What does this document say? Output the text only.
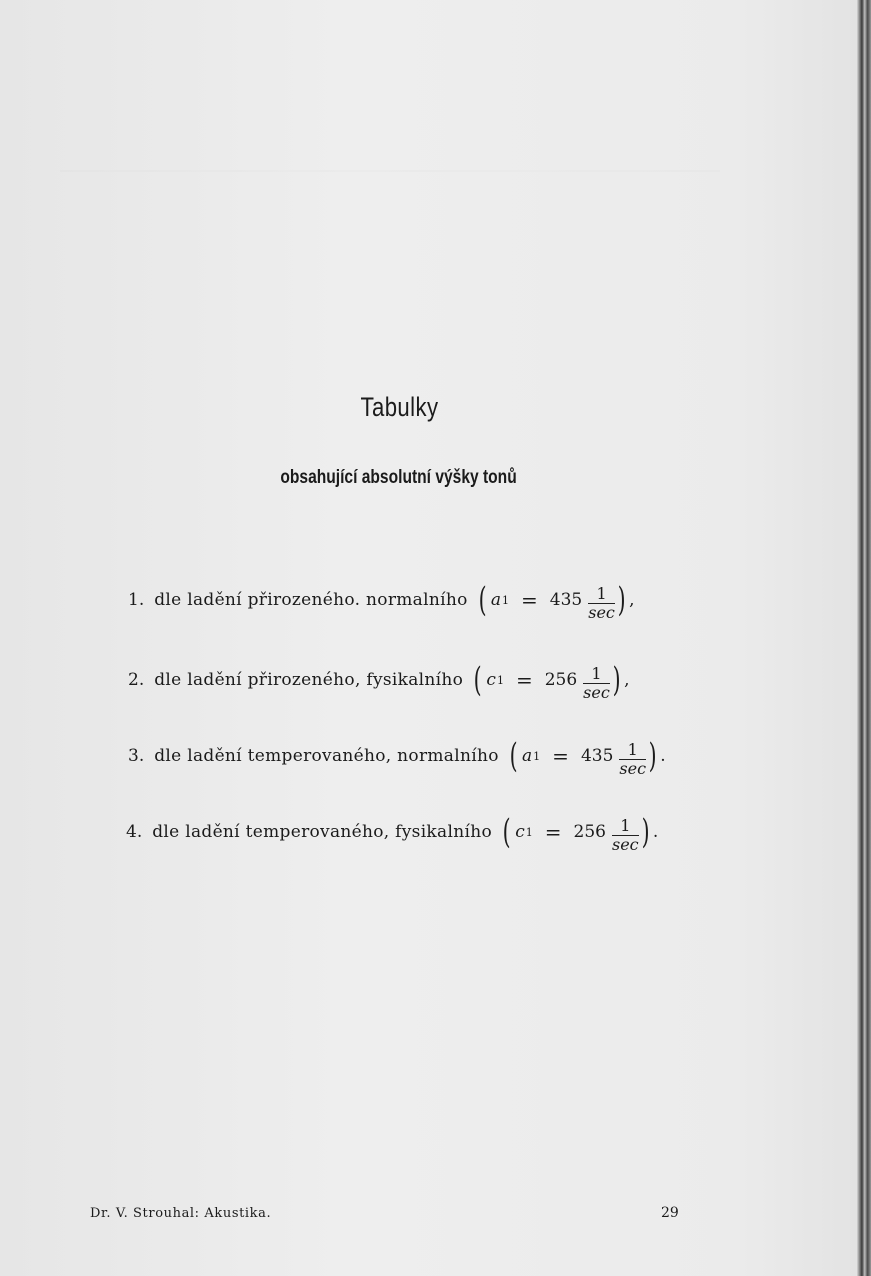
Tabulky
obsahující absolutní výšky tonů
1. dle ladění přirozeného. normalního ( a $1 = 435 \frac{1}{\sec}$ ) ,
2. dle ladění přirozeného, fysikalního ( c $1 = 256 \frac{1}{\sec}$ ) ,
3. dle ladění temperovaného, normalního ( a $1 = 435 \frac{1}{\sec}$ ) .
4. dle ladění temperovaného, fysikalního ( c $1 = 256 \frac{1}{\sec}$ ) .
Dr. V. Strouhal: Akustika.	29
